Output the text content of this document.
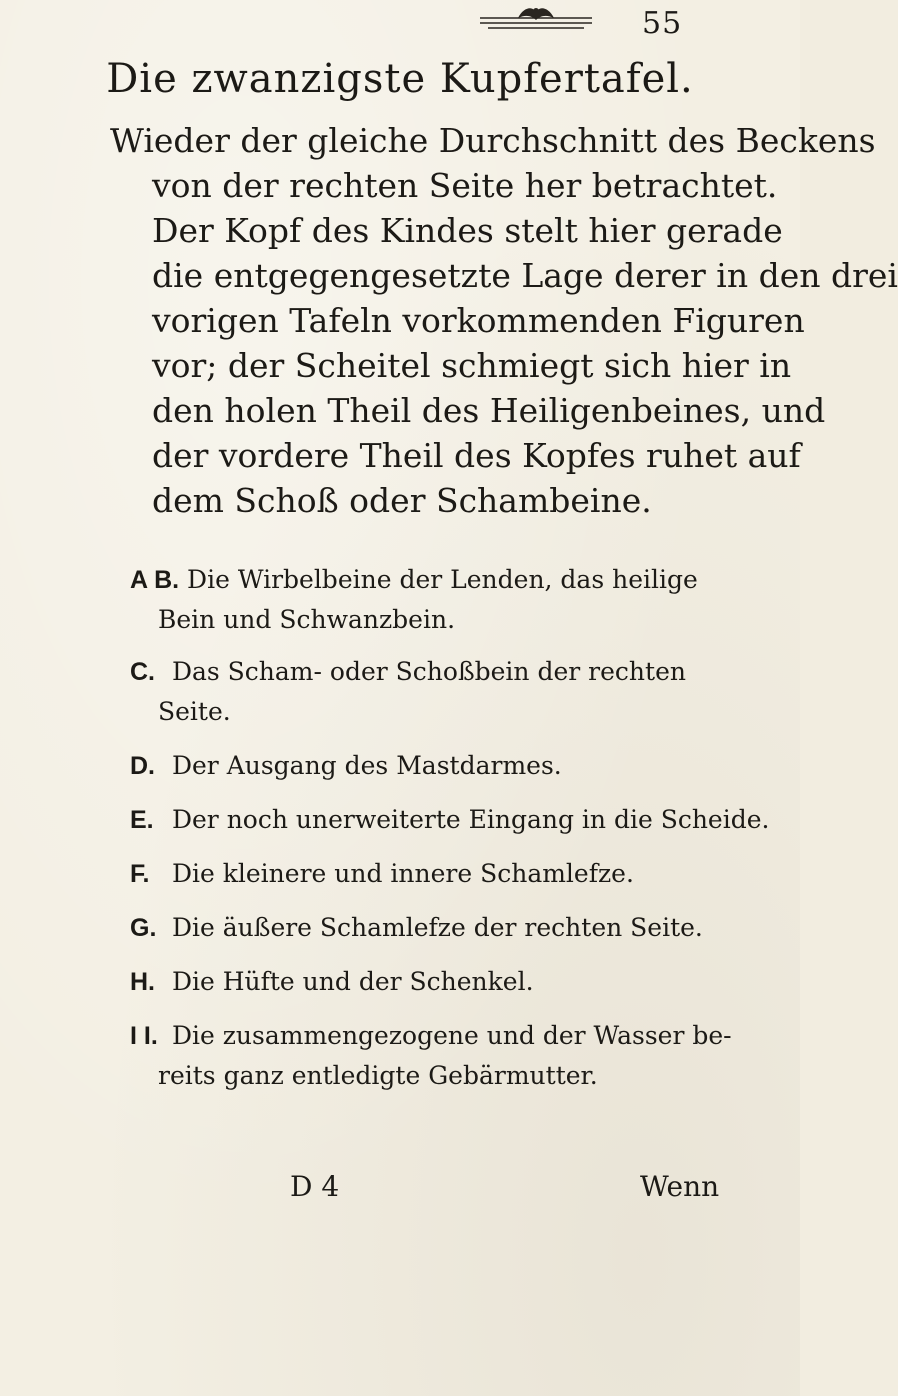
55
Die zwanzigste Kupfertafel.

Wieder der gleiche Durchschnitt des Beckens
von der rechten Seite her betrachtet.
Der Kopf des Kindes stelt hier gerade
die entgegengesetzte Lage derer in den drei
vorigen Tafeln vorkommenden Figuren
vor; der Scheitel schmiegt sich hier in
den holen Theil des Heiligenbeines, und
der vordere Theil des Kopfes ruhet auf
dem Schoß oder Schambeine.

A B. Die Wirbelbeine der Lenden, das heilige
Bein und Schwanzbein.
C. Das Scham- oder Schoßbein der rechten
Seite.
D. Der Ausgang des Mastdarmes.
E. Der noch unerweiterte Eingang in die Scheide.
F. Die kleinere und innere Schamlefze.
G. Die äußere Schamlefze der rechten Seite.
H. Die Hüfte und der Schenkel.
I I. Die zusammengezogene und der Wasser be-
reits ganz entledigte Gebärmutter.
D 4	Wenn
